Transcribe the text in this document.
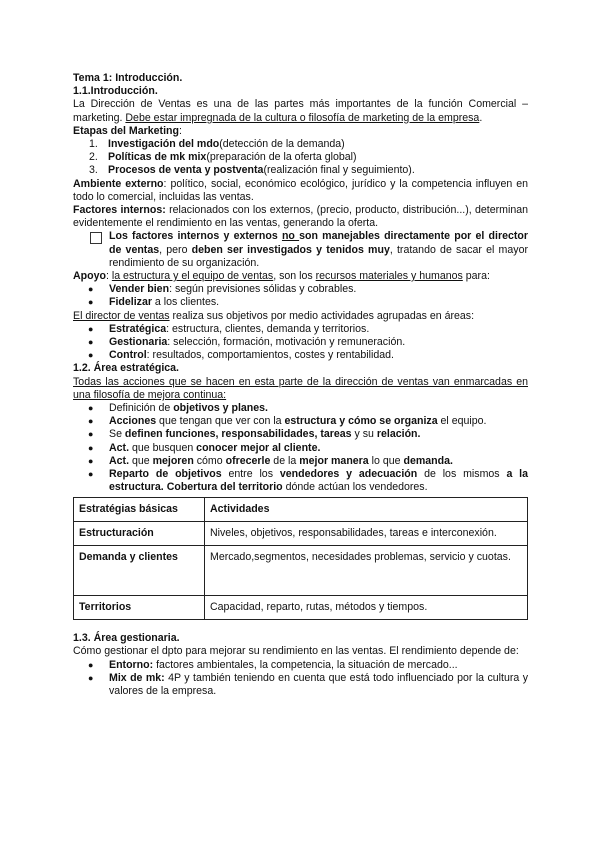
Tema 1: Introducción.

1.1.Introducción.

La Dirección de Ventas es una de las partes más importantes de la función Comercial –marketing. Debe estar impregnada de la cultura o filosofía de marketing de la empresa.

Etapas del Marketing:

1. Investigación del mdo(detección de la demanda)
2. Políticas de mk mix(preparación de la oferta global)
3. Procesos de venta y postventa(realización final y seguimiento).

Ambiente externo: político, social, económico ecológico, jurídico y la competencia influyen en todo lo comercial, incluidas las ventas.

Factores internos: relacionados con los externos, (precio, producto, distribución...), determinan evidentemente el rendimiento en las ventas, generando la oferta.

Los factores internos y externos no son manejables directamente por el director de ventas, pero deben ser investigados y tenidos muy, tratando de sacar el mayor rendimiento de su organización.

Apoyo: la estructura y el equipo de ventas, son los recursos materiales y humanos para:

●	Vender bien: según previsiones sólidas y cobrables.
●	Fidelizar a los clientes.

El director de ventas realiza sus objetivos por medio actividades agrupadas en áreas:

●	Estratégica: estructura, clientes, demanda y territorios.
●	Gestionaria: selección, formación, motivación y remuneración.
●	Control: resultados, comportamientos, costes y rentabilidad.

1.2. Área estratégica.

Todas las acciones que se hacen en esta parte de la dirección de ventas van enmarcadas en una filosofía de mejora continua:

●	Definición de objetivos y planes.
●	Acciones que tengan que ver con la estructura y cómo se organiza el equipo.
●	Se definen funciones, responsabilidades, tareas y su relación.
●	Act. que busquen conocer mejor al cliente.
●	Act. que mejoren cómo ofrecerle de la mejor manera lo que demanda.
●	Reparto de objetivos entre los vendedores y adecuación de los mismos a la estructura. Cobertura del territorio dónde actúan los vendedores.
Estratégias básicas	Actividades
Estructuración	Niveles, objetivos, responsabilidades, tareas e interconexión.
Demanda y clientes	Mercado,segmentos, necesidades problemas, servicio y cuotas.
Territorios	Capacidad, reparto, rutas, métodos y tiempos.

1.3. Área gestionaria.

Cómo gestionar el dpto para mejorar su rendimiento en las ventas. El rendimiento depende de:

●	Entorno: factores ambientales, la competencia, la situación de mercado...
●	Mix de mk: 4P y también teniendo en cuenta que está todo influenciado por la cultura y valores de la empresa.
